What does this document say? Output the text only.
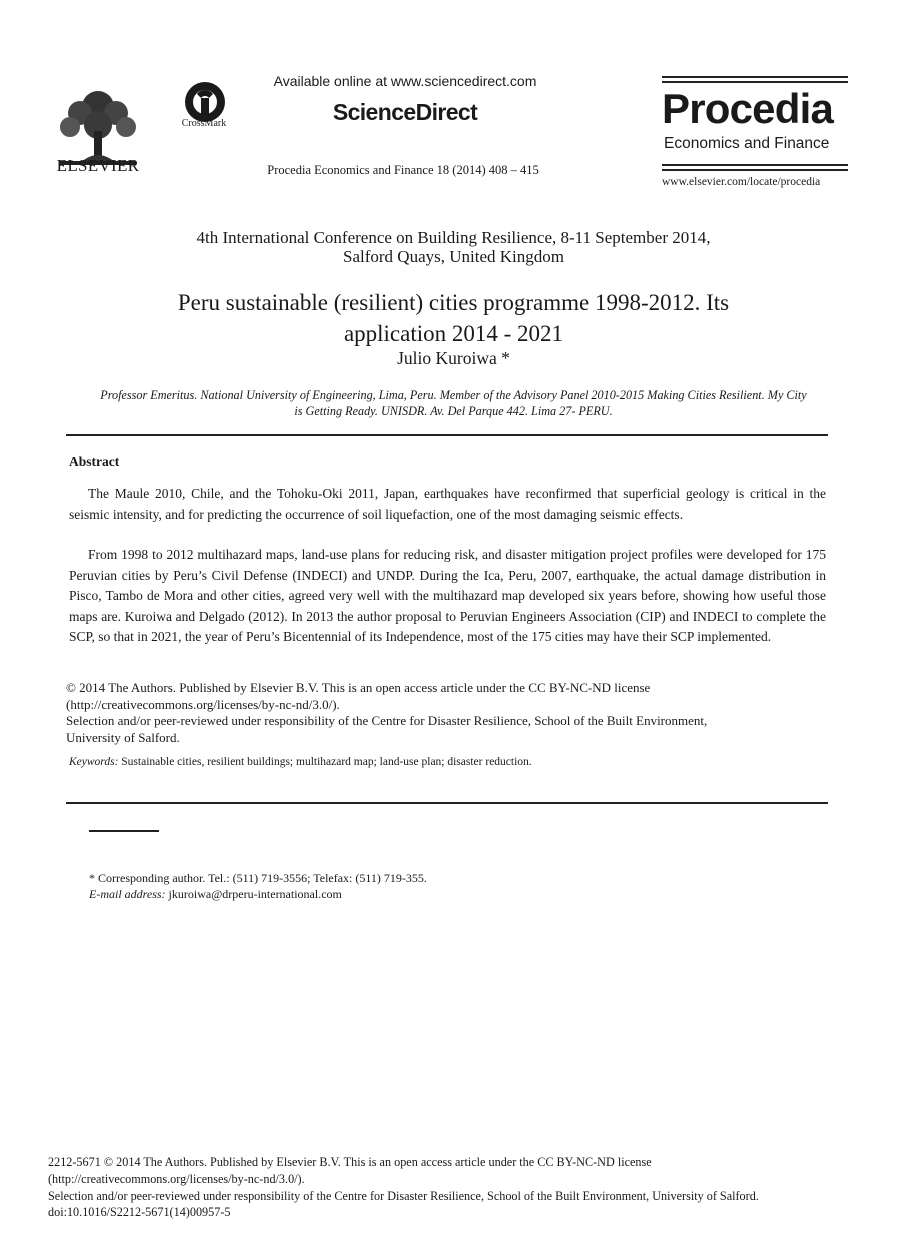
ELSEVIER
CrossMark
Available online at www.sciencedirect.com
ScienceDirect
Procedia Economics and Finance 18 (2014) 408 – 415
Procedia
Economics and Finance
www.elsevier.com/locate/procedia
4th International Conference on Building Resilience, 8-11 September 2014,
Salford Quays, United Kingdom
Peru sustainable (resilient) cities programme 1998-2012. Its
application 2014 - 2021
Julio Kuroiwa *
Professor Emeritus. National University of Engineering, Lima, Peru. Member of the Advisory Panel 2010-2015 Making Cities Resilient. My City
is Getting Ready. UNISDR. Av. Del Parque 442. Lima 27- PERU.
Abstract
The Maule 2010, Chile, and the Tohoku-Oki 2011, Japan, earthquakes have reconfirmed that superficial geology is critical in the seismic intensity, and for predicting the occurrence of soil liquefaction, one of the most damaging seismic effects.
From 1998 to 2012 multihazard maps, land-use plans for reducing risk, and disaster mitigation project profiles were developed for 175 Peruvian cities by Peru’s Civil Defense (INDECI) and UNDP. During the Ica, Peru, 2007, earthquake, the actual damage distribution in Pisco, Tambo de Mora and other cities, agreed very well with the multihazard map developed six years before, showing how useful those maps are. Kuroiwa and Delgado (2012). In 2013 the author proposal to Peruvian Engineers Association (CIP) and INDECI to complete the SCP, so that in 2021, the year of Peru’s Bicentennial of its Independence, most of the 175 cities may have their SCP implemented.
© 2014 The Authors. Published by Elsevier B.V. This is an open access article under the CC BY-NC-ND license
(http://creativecommons.org/licenses/by-nc-nd/3.0/).
Selection and/or peer-reviewed under responsibility of the Centre for Disaster Resilience, School of the Built Environment,
University of Salford.
Keywords: Sustainable cities, resilient buildings; multihazard map; land-use plan; disaster reduction.
* Corresponding author. Tel.: (511) 719-3556; Telefax: (511) 719-355.
E-mail address: jkuroiwa@drperu-international.com
2212-5671 © 2014 The Authors. Published by Elsevier B.V. This is an open access article under the CC BY-NC-ND license
(http://creativecommons.org/licenses/by-nc-nd/3.0/).
Selection and/or peer-reviewed under responsibility of the Centre for Disaster Resilience, School of the Built Environment, University of Salford.
doi:10.1016/S2212-5671(14)00957-5
